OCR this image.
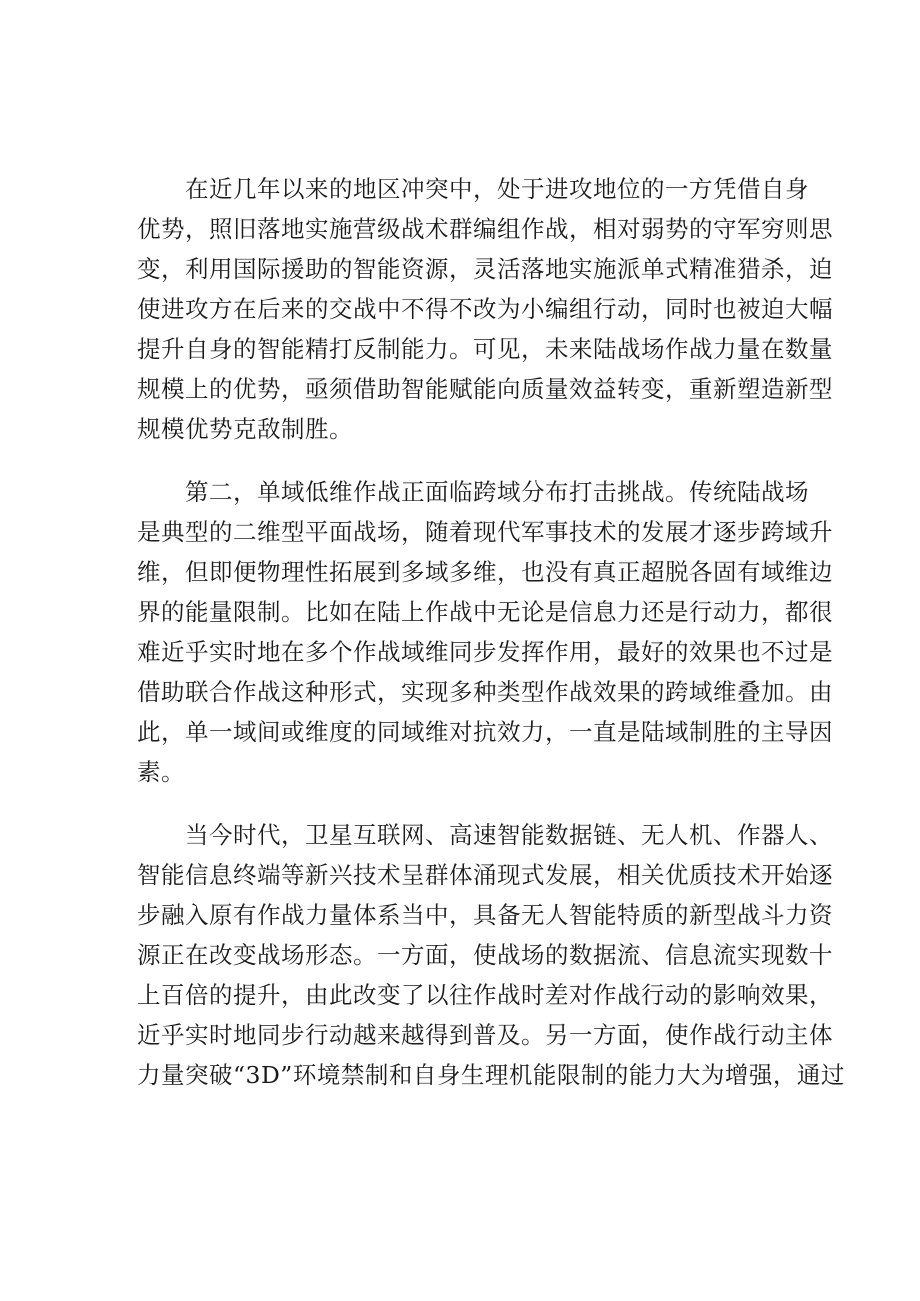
在近几年以来的地区冲突中，处于进攻地位的一方凭借自身
优势，照旧落地实施营级战术群编组作战，相对弱势的守军穷则思
变，利用国际援助的智能资源，灵活落地实施派单式精准猎杀，迫
使进攻方在后来的交战中不得不改为小编组行动，同时也被迫大幅
提升自身的智能精打反制能力。可见，未来陆战场作战力量在数量
规模上的优势，亟须借助智能赋能向质量效益转变，重新塑造新型
规模优势克敌制胜。
第二，单域低维作战正面临跨域分布打击挑战。传统陆战场
是典型的二维型平面战场，随着现代军事技术的发展才逐步跨域升
维，但即便物理性拓展到多域多维，也没有真正超脱各固有域维边
界的能量限制。比如在陆上作战中无论是信息力还是行动力，都很
难近乎实时地在多个作战域维同步发挥作用，最好的效果也不过是
借助联合作战这种形式，实现多种类型作战效果的跨域维叠加。由
此，单一域间或维度的同域维对抗效力，一直是陆域制胜的主导因
素。
当今时代，卫星互联网、高速智能数据链、无人机、作器人、
智能信息终端等新兴技术呈群体涌现式发展，相关优质技术开始逐
步融入原有作战力量体系当中，具备无人智能特质的新型战斗力资
源正在改变战场形态。一方面，使战场的数据流、信息流实现数十
上百倍的提升，由此改变了以往作战时差对作战行动的影响效果，
近乎实时地同步行动越来越得到普及。另一方面，使作战行动主体
力量突破“3D”环境禁制和自身生理机能限制的能力大为增强，通过
